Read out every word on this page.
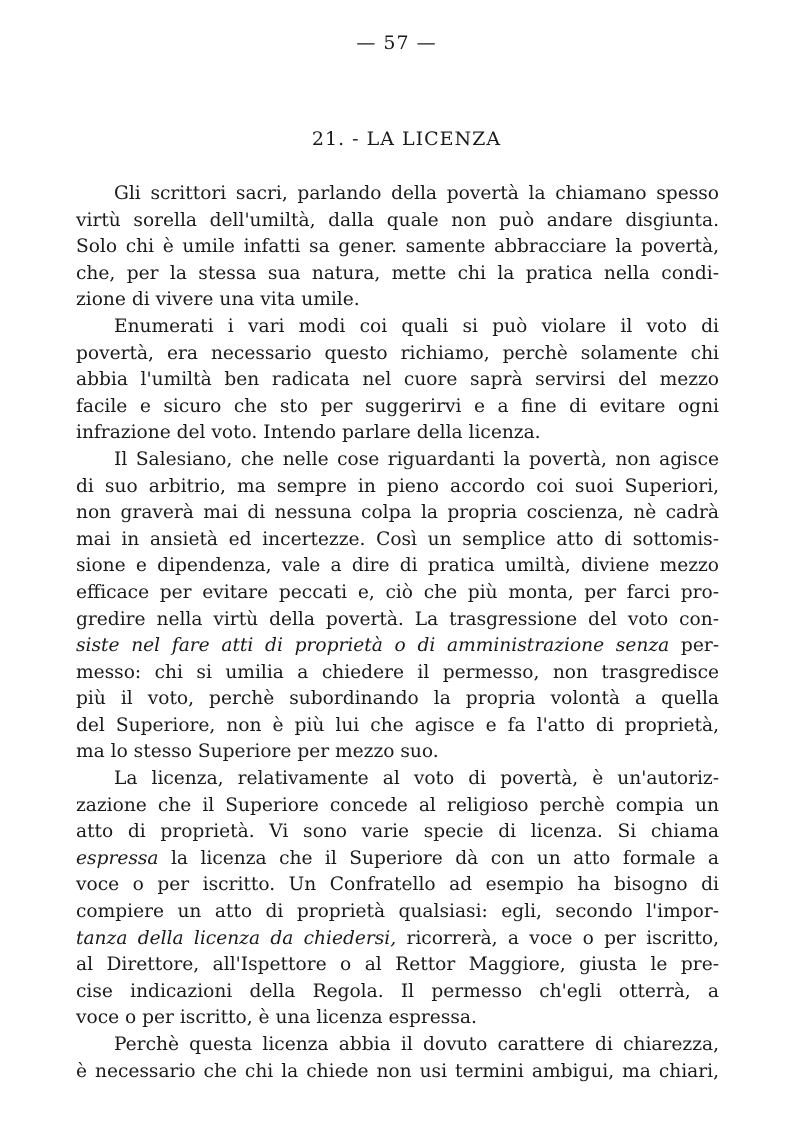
— 57 —
21. - LA LICENZA
Gli scrittori sacri, parlando della povertà la chiamano spesso
virtù sorella dell'umiltà, dalla quale non può andare disgiunta.
Solo chi è umile infatti sa gener. samente abbracciare la povertà,
che, per la stessa sua natura, mette chi la pratica nella condi-
zione di vivere una vita umile.
Enumerati i vari modi coi quali si può violare il voto di
povertà, era necessario questo richiamo, perchè solamente chi
abbia l'umiltà ben radicata nel cuore saprà servirsi del mezzo
facile e sicuro che sto per suggerirvi e a fine di evitare ogni
infrazione del voto. Intendo parlare della licenza.
Il Salesiano, che nelle cose riguardanti la povertà, non agisce
di suo arbitrio, ma sempre in pieno accordo coi suoi Superiori,
non graverà mai di nessuna colpa la propria coscienza, nè cadrà
mai in ansietà ed incertezze. Così un semplice atto di sottomis-
sione e dipendenza, vale a dire di pratica umiltà, diviene mezzo
efficace per evitare peccati e, ciò che più monta, per farci pro-
gredire nella virtù della povertà. La trasgressione del voto con-
siste nel fare atti di proprietà o di amministrazione senza per-
messo: chi si umilia a chiedere il permesso, non trasgredisce
più il voto, perchè subordinando la propria volontà a quella
del Superiore, non è più lui che agisce e fa l'atto di proprietà,
ma lo stesso Superiore per mezzo suo.
La licenza, relativamente al voto di povertà, è un'autoriz-
zazione che il Superiore concede al religioso perchè compia un
atto di proprietà. Vi sono varie specie di licenza. Si chiama
espressa la licenza che il Superiore dà con un atto formale a
voce o per iscritto. Un Confratello ad esempio ha bisogno di
compiere un atto di proprietà qualsiasi: egli, secondo l'impor-
tanza della licenza da chiedersi, ricorrerà, a voce o per iscritto,
al Direttore, all'Ispettore o al Rettor Maggiore, giusta le pre-
cise indicazioni della Regola. Il permesso ch'egli otterrà, a
voce o per iscritto, è una licenza espressa.
Perchè questa licenza abbia il dovuto carattere di chiarezza,
è necessario che chi la chiede non usi termini ambigui, ma chiari,
